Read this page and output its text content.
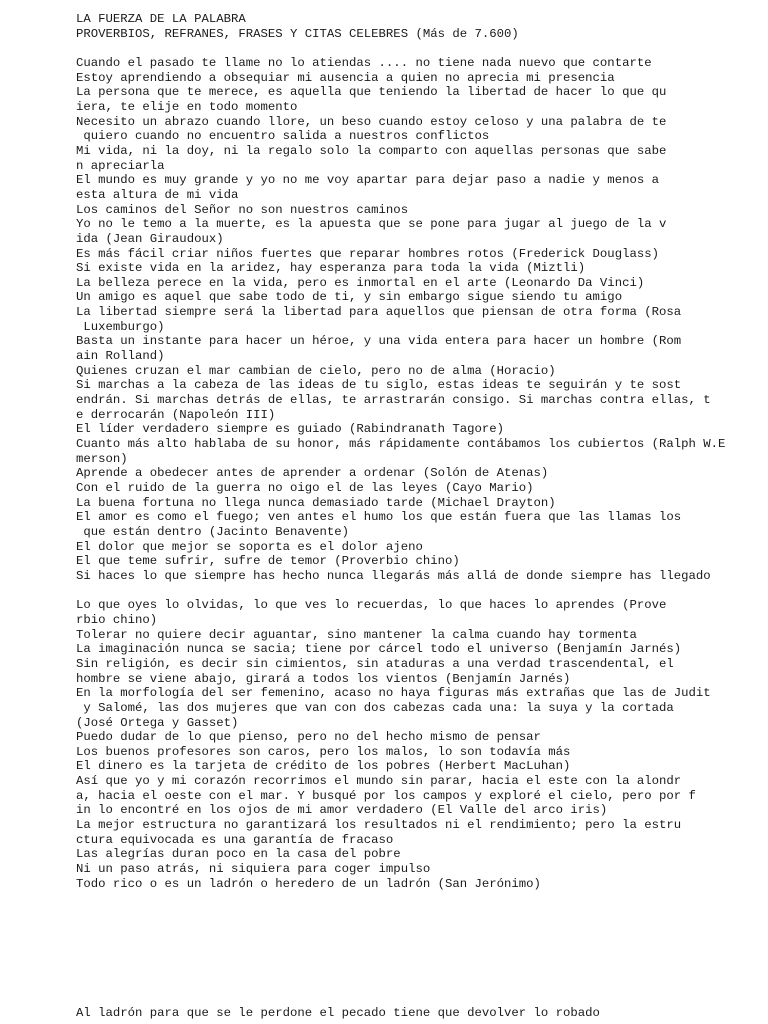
LA FUERZA DE LA PALABRA
PROVERBIOS, REFRANES, FRASES Y CITAS CELEBRES (Más de 7.600)
Cuando el pasado te llame no lo atiendas .... no tiene nada nuevo que contarte
Estoy aprendiendo a obsequiar mi ausencia a quien no aprecia mi presencia
La persona que te merece, es aquella que teniendo la libertad de hacer lo que qu
iera, te elije en todo momento
Necesito un abrazo cuando llore, un beso cuando estoy celoso y una palabra de te
quiero cuando no encuentro salida a nuestros conflictos
Mi vida, ni la doy, ni la regalo solo la comparto con aquellas personas que sabe
n apreciarla
El mundo es muy grande y yo no me voy apartar para dejar paso a nadie y menos a
esta altura de mi vida
Los caminos del Señor no son nuestros caminos
Yo no le temo a la muerte, es la apuesta que se pone para jugar al juego de la v
ida (Jean Giraudoux)
Es más fácil criar niños fuertes que reparar hombres rotos (Frederick Douglass)
Si existe vida en la aridez, hay esperanza para toda la vida (Miztli)
La belleza perece en la vida, pero es inmortal en el arte (Leonardo Da Vinci)
Un amigo es aquel que sabe todo de ti, y sin embargo sigue siendo tu amigo
La libertad siempre será la libertad para aquellos que piensan de otra forma (Rosa
Luxemburgo)
Basta un instante para hacer un héroe, y una vida entera para hacer un hombre (Rom
ain Rolland)
Quienes cruzan el mar cambian de cielo, pero no de alma (Horacio)
Si marchas a la cabeza de las ideas de tu siglo, estas ideas te seguirán y te sost
endrán. Si marchas detrás de ellas, te arrastrarán consigo. Si marchas contra ellas, t
e derrocarán (Napoleón III)
El líder verdadero siempre es guiado (Rabindranath Tagore)
Cuanto más alto hablaba de su honor, más rápidamente contábamos los cubiertos (Ralph W.E
merson)
Aprende a obedecer antes de aprender a ordenar (Solón de Atenas)
Con el ruido de la guerra no oigo el de las leyes (Cayo Mario)
La buena fortuna no llega nunca demasiado tarde (Michael Drayton)
El amor es como el fuego; ven antes el humo los que están fuera que las llamas los
que están dentro (Jacinto Benavente)
El dolor que mejor se soporta es el dolor ajeno
El que teme sufrir, sufre de temor (Proverbio chino)
Si haces lo que siempre has hecho nunca llegarás más allá de donde siempre has llegado
Lo que oyes lo olvidas, lo que ves lo recuerdas, lo que haces lo aprendes (Prove
rbio chino)
Tolerar no quiere decir aguantar, sino mantener la calma cuando hay tormenta
La imaginación nunca se sacia; tiene por cárcel todo el universo (Benjamín Jarnés)
Sin religión, es decir sin cimientos, sin ataduras a una verdad trascendental, el
hombre se viene abajo, girará a todos los vientos (Benjamín Jarnés)
En la morfología del ser femenino, acaso no haya figuras más extrañas que las de Judit
y Salomé, las dos mujeres que van con dos cabezas cada una: la suya y la cortada
(José Ortega y Gasset)
Puedo dudar de lo que pienso, pero no del hecho mismo de pensar
Los buenos profesores son caros, pero los malos, lo son todavía más
El dinero es la tarjeta de crédito de los pobres (Herbert MacLuhan)
Así que yo y mi corazón recorrimos el mundo sin parar, hacia el este con la alondr
a, hacia el oeste con el mar. Y busqué por los campos y exploré el cielo, pero por f
in lo encontré en los ojos de mi amor verdadero (El Valle del arco iris)
La mejor estructura no garantizará los resultados ni el rendimiento; pero la estru
ctura equivocada es una garantía de fracaso
Las alegrías duran poco en la casa del pobre
Ni un paso atrás, ni siquiera para coger impulso
Todo rico o es un ladrón o heredero de un ladrón (San Jerónimo)
Al ladrón para que se le perdone el pecado tiene que devolver lo robado
